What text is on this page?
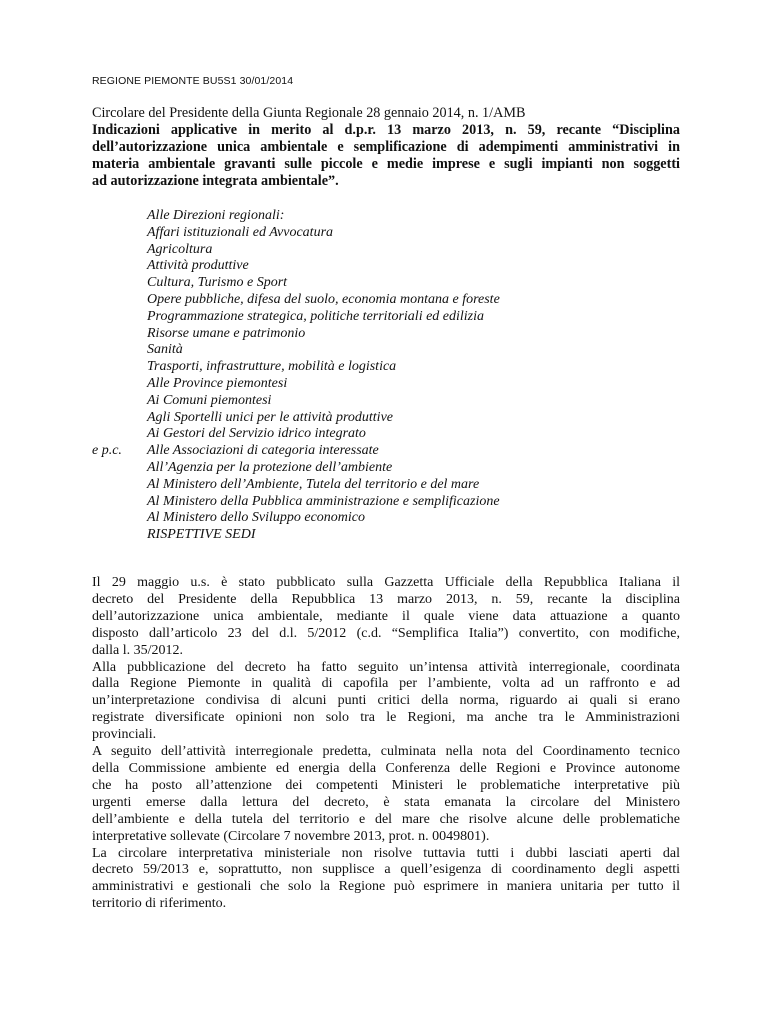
REGIONE PIEMONTE BU5S1 30/01/2014
Circolare del Presidente della Giunta Regionale 28 gennaio 2014, n. 1/AMB
Indicazioni applicative in merito al d.p.r. 13 marzo 2013, n. 59, recante “Disciplina
dell’autorizzazione unica ambientale e semplificazione di adempimenti amministrativi in
materia ambientale gravanti sulle piccole e medie imprese e sugli impianti non soggetti
ad autorizzazione integrata ambientale”.
Alle Direzioni regionali:
Affari istituzionali ed Avvocatura
Agricoltura
Attività produttive
Cultura, Turismo e Sport
Opere pubbliche, difesa del suolo, economia montana e foreste
Programmazione strategica, politiche territoriali ed edilizia
Risorse umane e patrimonio
Sanità
Trasporti, infrastrutture, mobilità e logistica
Alle Province piemontesi
Ai Comuni piemontesi
Agli Sportelli unici per le attività produttive
Ai Gestori del Servizio idrico integrato
e p.c.	Alle Associazioni di categoria interessate
All’Agenzia per la protezione dell’ambiente
Al Ministero dell’Ambiente, Tutela del territorio e del mare
Al Ministero della Pubblica amministrazione e semplificazione
Al Ministero dello Sviluppo economico
RISPETTIVE SEDI
Il 29 maggio u.s. è stato pubblicato sulla Gazzetta Ufficiale della Repubblica Italiana il
decreto del Presidente della Repubblica 13 marzo 2013, n. 59, recante la disciplina
dell’autorizzazione unica ambientale, mediante il quale viene data attuazione a quanto
disposto dall’articolo 23 del d.l. 5/2012 (c.d. “Semplifica Italia”) convertito, con modifiche,
dalla l. 35/2012.
Alla pubblicazione del decreto ha fatto seguito un’intensa attività interregionale, coordinata
dalla Regione Piemonte in qualità di capofila per l’ambiente, volta ad un raffronto e ad
un’interpretazione condivisa di alcuni punti critici della norma, riguardo ai quali si erano
registrate diversificate opinioni non solo tra le Regioni, ma anche tra le Amministrazioni
provinciali.
A seguito dell’attività interregionale predetta, culminata nella nota del Coordinamento tecnico
della Commissione ambiente ed energia della Conferenza delle Regioni e Province autonome
che ha posto all’attenzione dei competenti Ministeri le problematiche interpretative più
urgenti emerse dalla lettura del decreto, è stata emanata la circolare del Ministero
dell’ambiente e della tutela del territorio e del mare che risolve alcune delle problematiche
interpretative sollevate (Circolare 7 novembre 2013, prot. n. 0049801).
La circolare interpretativa ministeriale non risolve tuttavia tutti i dubbi lasciati aperti dal
decreto 59/2013 e, soprattutto, non supplisce a quell’esigenza di coordinamento degli aspetti
amministrativi e gestionali che solo la Regione può esprimere in maniera unitaria per tutto il
territorio di riferimento.
